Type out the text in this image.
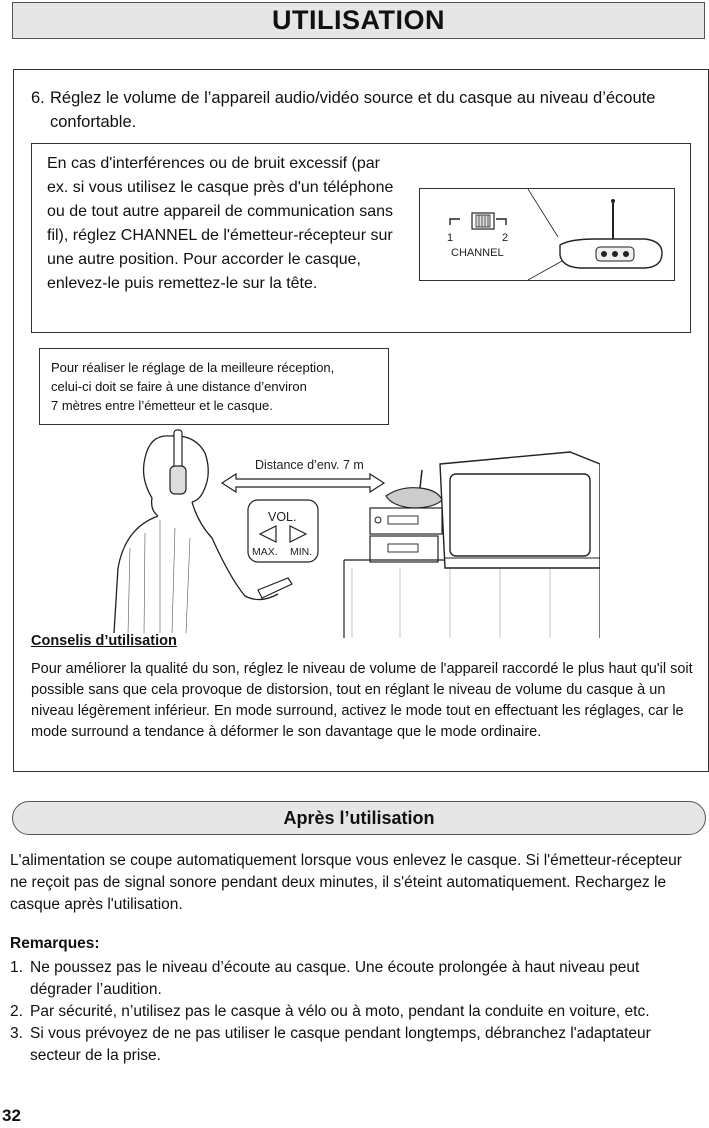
UTILISATION
6. Réglez le volume de l’appareil audio/vidéo source et du casque au niveau d’écoute confortable.
En cas d'interférences ou de bruit excessif (par ex. si vous utilisez le casque près d'un téléphone ou de tout autre appareil de communication sans fil), réglez CHANNEL de l'émetteur-récepteur sur une autre position. Pour accorder le casque, enlevez-le puis remettez-le sur la tête.
1	2
CHANNEL
Pour réaliser le réglage de la meilleure réception,
celui-ci doit se faire à une distance d’environ
7 mètres entre l’émetteur et le casque.
Distance d’env. 7 m
VOL.
MAX. MIN.
Conselis d’utilisation
Pour améliorer la qualité du son, réglez le niveau de volume de l'appareil raccordé le plus haut qu'il soit possible sans que cela provoque de distorsion, tout en réglant le niveau de volume du casque à un niveau légèrement inférieur. En mode surround, activez le mode tout en effectuant les réglages, car le mode surround a tendance à déformer le son davantage que le mode ordinaire.
Après l’utilisation
L'alimentation se coupe automatiquement lorsque vous enlevez le casque. Si l'émetteur-récepteur ne reçoit pas de signal sonore pendant deux minutes, il s'éteint automatiquement. Rechargez le casque après l'utilisation.
Remarques:
1. Ne poussez pas le niveau d’écoute au casque. Une écoute prolongée à haut niveau peut dégrader l’audition.
2. Par sécurité, n’utilisez pas le casque à vélo ou à moto, pendant la conduite en voiture, etc.
3. Si vous prévoyez de ne pas utiliser le casque pendant longtemps, débranchez l'adaptateur secteur de la prise.
32
